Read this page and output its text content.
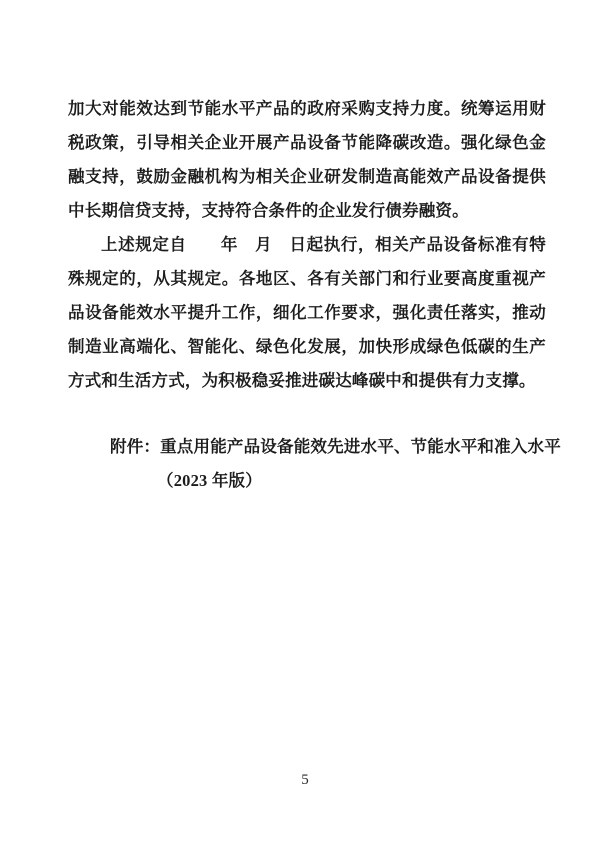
加大对能效达到节能水平产品的政府采购支持力度。统筹运用财税政策，引导相关企业开展产品设备节能降碳改造。强化绿色金融支持，鼓励金融机构为相关企业研发制造高能效产品设备提供中长期信贷支持，支持符合条件的企业发行债券融资。

上述规定自　　年　月　日起执行，相关产品设备标准有特殊规定的，从其规定。各地区、各有关部门和行业要高度重视产品设备能效水平提升工作，细化工作要求，强化责任落实，推动制造业高端化、智能化、绿色化发展，加快形成绿色低碳的生产方式和生活方式，为积极稳妥推进碳达峰碳中和提供有力支撑。

附件：重点用能产品设备能效先进水平、节能水平和准入水平
（2023 年版）
5
